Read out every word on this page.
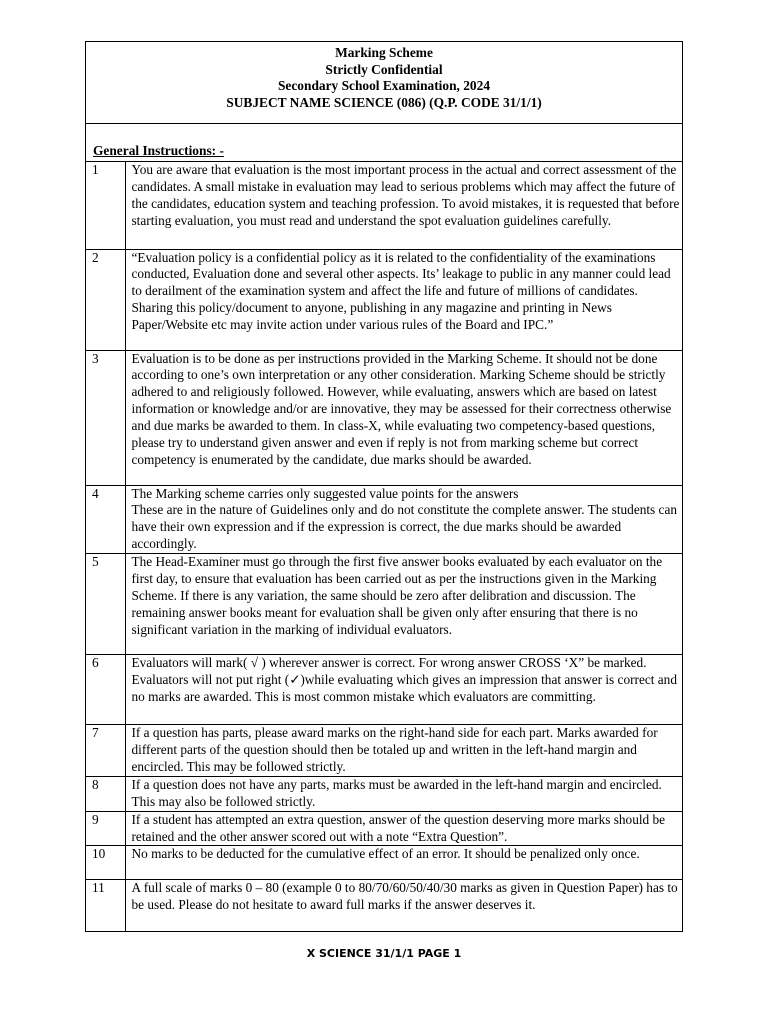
Marking Scheme
Strictly Confidential
Secondary School Examination, 2024
SUBJECT NAME SCIENCE (086) (Q.P. CODE 31/1/1)
General Instructions: -
1	You are aware that evaluation is the most important process in the actual and correct assessment of the candidates. A small mistake in evaluation may lead to serious problems which may affect the future of the candidates, education system and teaching profession. To avoid mistakes, it is requested that before starting evaluation, you must read and understand the spot evaluation guidelines carefully.
2	“Evaluation policy is a confidential policy as it is related to the confidentiality of the examinations conducted, Evaluation done and several other aspects. Its’ leakage to public in any manner could lead to derailment of the examination system and affect the life and future of millions of candidates. Sharing this policy/document to anyone, publishing in any magazine and printing in News Paper/Website etc may invite action under various rules of the Board and IPC.”
3	Evaluation is to be done as per instructions provided in the Marking Scheme. It should not be done according to one’s own interpretation or any other consideration. Marking Scheme should be strictly adhered to and religiously followed. However, while evaluating, answers which are based on latest information or knowledge and/or are innovative, they may be assessed for their correctness otherwise and due marks be awarded to them. In class-X, while evaluating two competency-based questions, please try to understand given answer and even if reply is not from marking scheme but correct competency is enumerated by the candidate, due marks should be awarded.
4	The Marking scheme carries only suggested value points for the answers
These are in the nature of Guidelines only and do not constitute the complete answer. The students can have their own expression and if the expression is correct, the due marks should be awarded accordingly.
5	The Head-Examiner must go through the first five answer books evaluated by each evaluator on the first day, to ensure that evaluation has been carried out as per the instructions given in the Marking Scheme. If there is any variation, the same should be zero after delibration and discussion. The remaining answer books meant for evaluation shall be given only after ensuring that there is no significant variation in the marking of individual evaluators.
6	Evaluators will mark( √ ) wherever answer is correct. For wrong answer CROSS ‘X” be marked. Evaluators will not put right (✓)while evaluating which gives an impression that answer is correct and no marks are awarded. This is most common mistake which evaluators are committing.
7	If a question has parts, please award marks on the right-hand side for each part. Marks awarded for different parts of the question should then be totaled up and written in the left-hand margin and encircled. This may be followed strictly.
8	If a question does not have any parts, marks must be awarded in the left-hand margin and encircled. This may also be followed strictly.
9	If a student has attempted an extra question, answer of the question deserving more marks should be retained and the other answer scored out with a note “Extra Question”.
10	No marks to be deducted for the cumulative effect of an error. It should be penalized only once.
11	A full scale of marks 0 – 80 (example 0 to 80/70/60/50/40/30 marks as given in Question Paper) has to be used. Please do not hesitate to award full marks if the answer deserves it.
X SCIENCE 31/1/1 PAGE 1
